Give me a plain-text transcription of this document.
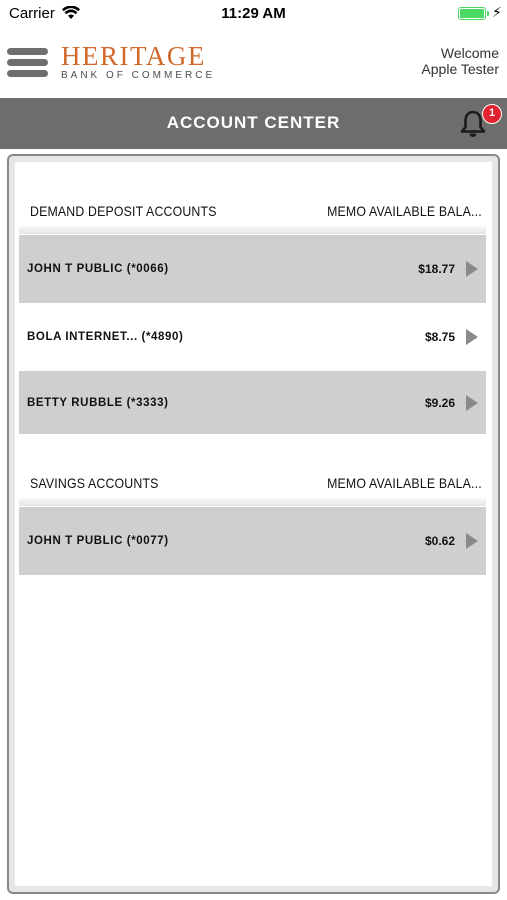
Carrier	11:29 AM	⚡︎
HERITAGE
BANK OF COMMERCE
Welcome
Apple Tester
ACCOUNT CENTER	1
DEMAND DEPOSIT ACCOUNTS	MEMO AVAILABLE BALA...
JOHN T PUBLIC (*0066)	$18.77
BOLA INTERNET... (*4890)	$8.75
BETTY RUBBLE (*3333)	$9.26
SAVINGS ACCOUNTS	MEMO AVAILABLE BALA...
JOHN T PUBLIC (*0077)	$0.62
